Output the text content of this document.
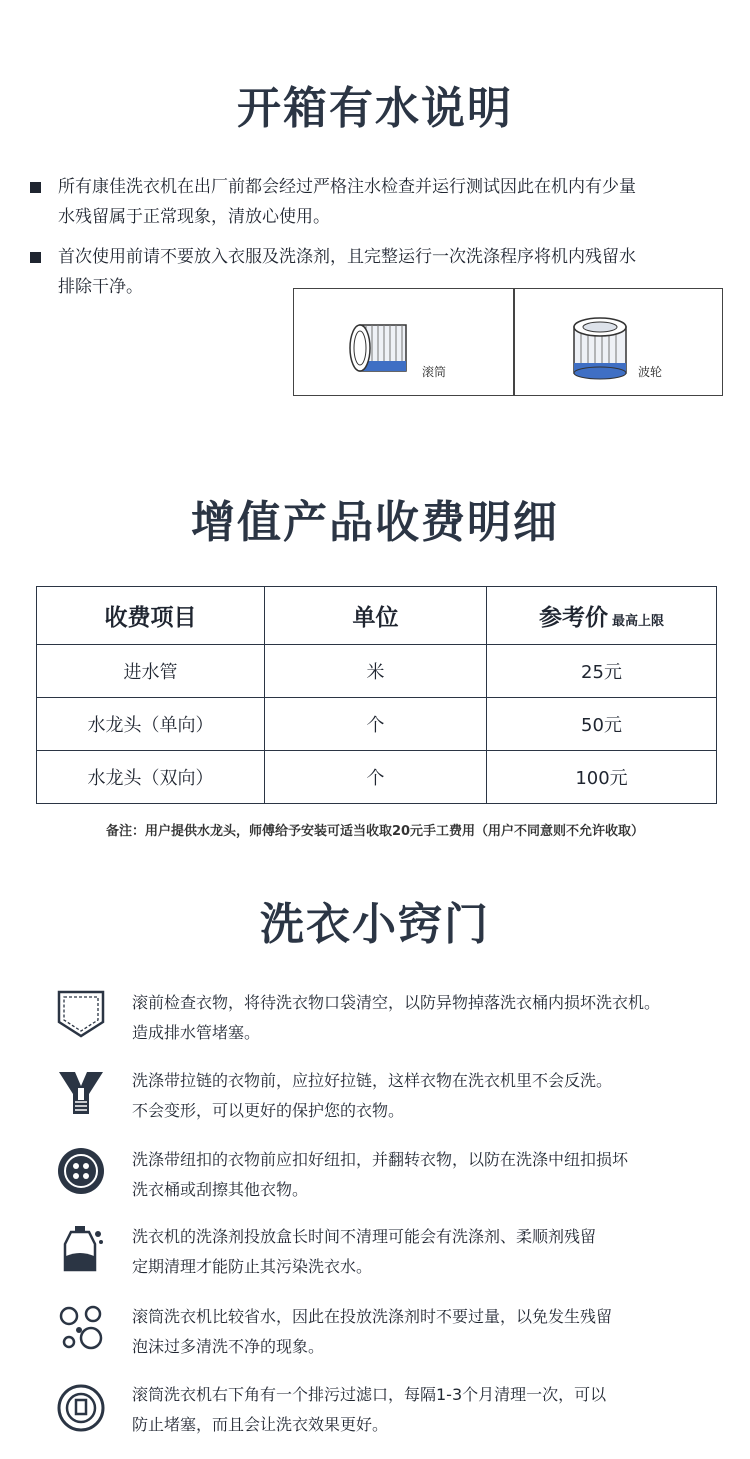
开箱有水说明
所有康佳洗衣机在出厂前都会经过严格注水检查并运行测试因此在机内有少量
水残留属于正常现象，清放心使用。
首次使用前请不要放入衣服及洗涤剂，且完整运行一次洗涤程序将机内残留水
排除干净。
滚筒	波轮
增值产品收费明细
收费项目	单位	参考价 最高上限
进水管	米	25元
水龙头（单向）	个	50元
水龙头（双向）	个	100元
备注：用户提供水龙头，师傅给予安装可适当收取20元手工费用（用户不同意则不允许收取）
洗衣小窍门
滚前检查衣物，将待洗衣物口袋清空，以防异物掉落洗衣桶内损坏洗衣机。
造成排水管堵塞。
洗涤带拉链的衣物前，应拉好拉链，这样衣物在洗衣机里不会反洗。
不会变形，可以更好的保护您的衣物。
洗涤带纽扣的衣物前应扣好纽扣，并翻转衣物，以防在洗涤中纽扣损坏
洗衣桶或刮擦其他衣物。
洗衣机的洗涤剂投放盒长时间不清理可能会有洗涤剂、柔顺剂残留
定期清理才能防止其污染洗衣水。
滚筒洗衣机比较省水，因此在投放洗涤剂时不要过量，以免发生残留
泡沫过多清洗不净的现象。
滚筒洗衣机右下角有一个排污过滤口，每隔1-3个月清理一次，可以
防止堵塞，而且会让洗衣效果更好。
